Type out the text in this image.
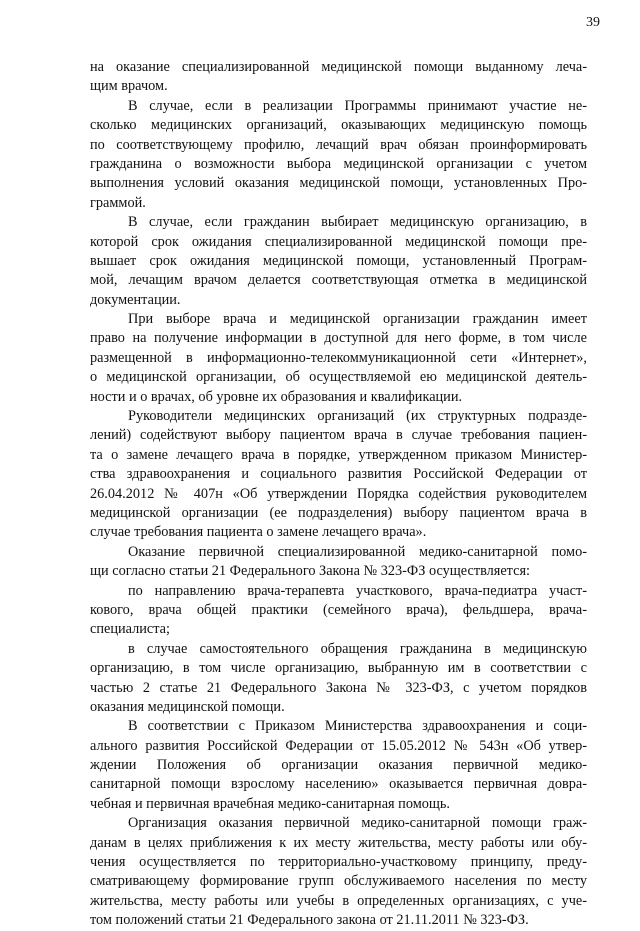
39
на оказание специализированной медицинской помощи выданному леча-
щим врачом.
В случае, если в реализации Программы принимают участие не-
сколько медицинских организаций, оказывающих медицинскую помощь
по соответствующему профилю, лечащий врач обязан проинформировать
гражданина о возможности выбора медицинской организации с учетом
выполнения условий оказания медицинской помощи, установленных Про-
граммой.
В случае, если гражданин выбирает медицинскую организацию, в
которой срок ожидания специализированной медицинской помощи пре-
вышает срок ожидания медицинской помощи, установленный Програм-
мой, лечащим врачом делается соответствующая отметка в медицинской
документации.
При выборе врача и медицинской организации гражданин имеет
право на получение информации в доступной для него форме, в том числе
размещенной в информационно-телекоммуникационной сети «Интернет»,
о медицинской организации, об осуществляемой ею медицинской деятель-
ности и о врачах, об уровне их образования и квалификации.
Руководители медицинских организаций (их структурных подразде-
лений) содействуют выбору пациентом врача в случае требования пациен-
та о замене лечащего врача в порядке, утвержденном приказом Министер-
ства здравоохранения и социального развития Российской Федерации от
26.04.2012 № 407н «Об утверждении Порядка содействия руководителем
медицинской организации (ее подразделения) выбору пациентом врача в
случае требования пациента о замене лечащего врача».
Оказание первичной специализированной медико-санитарной помо-
щи согласно статьи 21 Федерального Закона № 323-ФЗ осуществляется:
по направлению врача-терапевта участкового, врача-педиатра участ-
кового, врача общей практики (семейного врача), фельдшера, врача-
специалиста;
в случае самостоятельного обращения гражданина в медицинскую
организацию, в том числе организацию, выбранную им в соответствии с
частью 2 статье 21 Федерального Закона № 323-ФЗ, с учетом порядков
оказания медицинской помощи.
В соответствии с Приказом Министерства здравоохранения и соци-
ального развития Российской Федерации от 15.05.2012 № 543н «Об утвер-
ждении Положения об организации оказания первичной медико-
санитарной помощи взрослому населению» оказывается первичная довра-
чебная и первичная врачебная медико-санитарная помощь.
Организация оказания первичной медико-санитарной помощи граж-
данам в целях приближения к их месту жительства, месту работы или обу-
чения осуществляется по территориально-участковому принципу, преду-
сматривающему формирование групп обслуживаемого населения по месту
жительства, месту работы или учебы в определенных организациях, с уче-
том положений статьи 21 Федерального закона от 21.11.2011 № 323-ФЗ.
